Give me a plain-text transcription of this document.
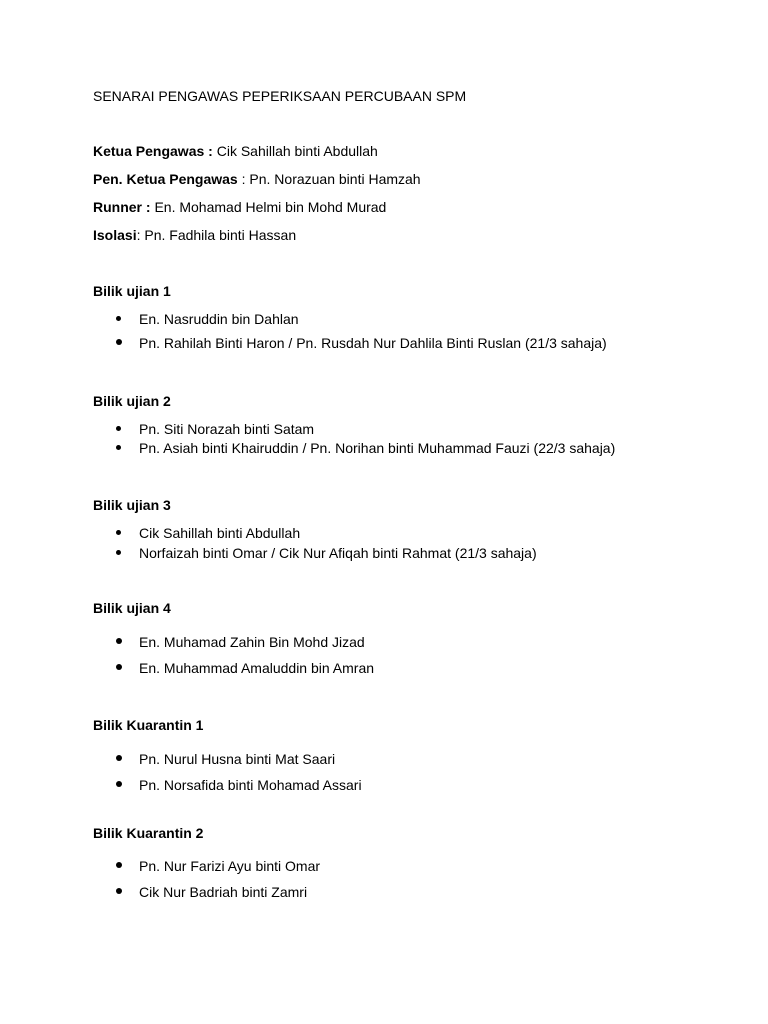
SENARAI PENGAWAS PEPERIKSAAN PERCUBAAN SPM
Ketua Pengawas : Cik Sahillah binti Abdullah
Pen. Ketua Pengawas : Pn. Norazuan binti Hamzah
Runner : En. Mohamad Helmi bin Mohd Murad
Isolasi: Pn. Fadhila binti Hassan
Bilik ujian 1
En. Nasruddin bin Dahlan
Pn. Rahilah Binti Haron / Pn. Rusdah Nur Dahlila Binti Ruslan (21/3 sahaja)
Bilik ujian 2
Pn. Siti Norazah binti Satam
Pn. Asiah binti Khairuddin / Pn. Norihan binti Muhammad Fauzi (22/3 sahaja)
Bilik ujian 3
Cik Sahillah binti Abdullah
Norfaizah binti Omar / Cik Nur Afiqah binti Rahmat (21/3 sahaja)
Bilik ujian 4
En. Muhamad Zahin Bin Mohd Jizad
En. Muhammad Amaluddin bin Amran
Bilik Kuarantin 1
Pn. Nurul Husna binti Mat Saari
Pn. Norsafida binti Mohamad Assari
Bilik Kuarantin 2
Pn. Nur Farizi Ayu binti Omar
Cik Nur Badriah binti Zamri
